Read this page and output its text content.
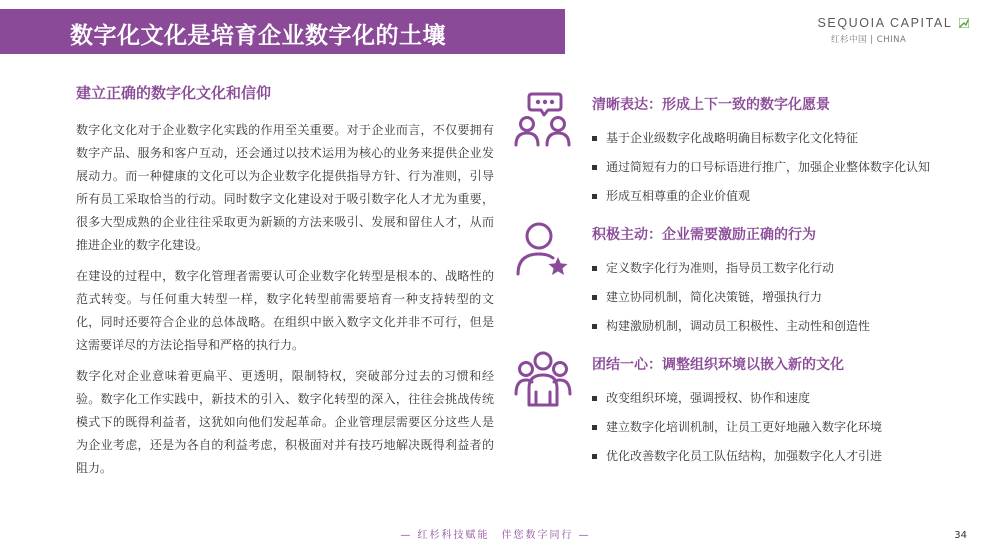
数字化文化是培育企业数字化的土壤	SEQUOIA CAPITAL
红杉中国 | CHINA
建立正确的数字化文化和信仰

数字化文化对于企业数字化实践的作用至关重要。对于企业而言，不仅要拥有数字产品、服务和客户互动，还会通过以技术运用为核心的业务来提供企业发展动力。而一种健康的文化可以为企业数字化提供指导方针、行为准则，引导所有员工采取恰当的行动。同时数字文化建设对于吸引数字化人才尤为重要，很多大型成熟的企业往往采取更为新颖的方法来吸引、发展和留住人才，从而推进企业的数字化建设。

在建设的过程中，数字化管理者需要认可企业数字化转型是根本的、战略性的范式转变。与任何重大转型一样，数字化转型前需要培育一种支持转型的文化，同时还要符合企业的总体战略。在组织中嵌入数字文化并非不可行，但是这需要详尽的方法论指导和严格的执行力。

数字化对企业意味着更扁平、更透明，限制特权，突破部分过去的习惯和经验。数字化工作实践中，新技术的引入、数字化转型的深入，往往会挑战传统模式下的既得利益者，这犹如向他们发起革命。企业管理层需要区分这些人是为企业考虑，还是为各自的利益考虑，积极面对并有技巧地解决既得利益者的阻力。

清晰表达：形成上下一致的数字化愿景
基于企业级数字化战略明确目标数字化文化特征
通过简短有力的口号标语进行推广，加强企业整体数字化认知
形成互相尊重的企业价值观
积极主动：企业需要激励正确的行为
定义数字化行为准则，指导员工数字化行动
建立协同机制，简化决策链，增强执行力
构建激励机制，调动员工积极性、主动性和创造性
团结一心：调整组织环境以嵌入新的文化
改变组织环境，强调授权、协作和速度
建立数字化培训机制，让员工更好地融入数字化环境
优化改善数字化员工队伍结构，加强数字化人才引进
— 红杉科技赋能　伴您数字同行 —	34
